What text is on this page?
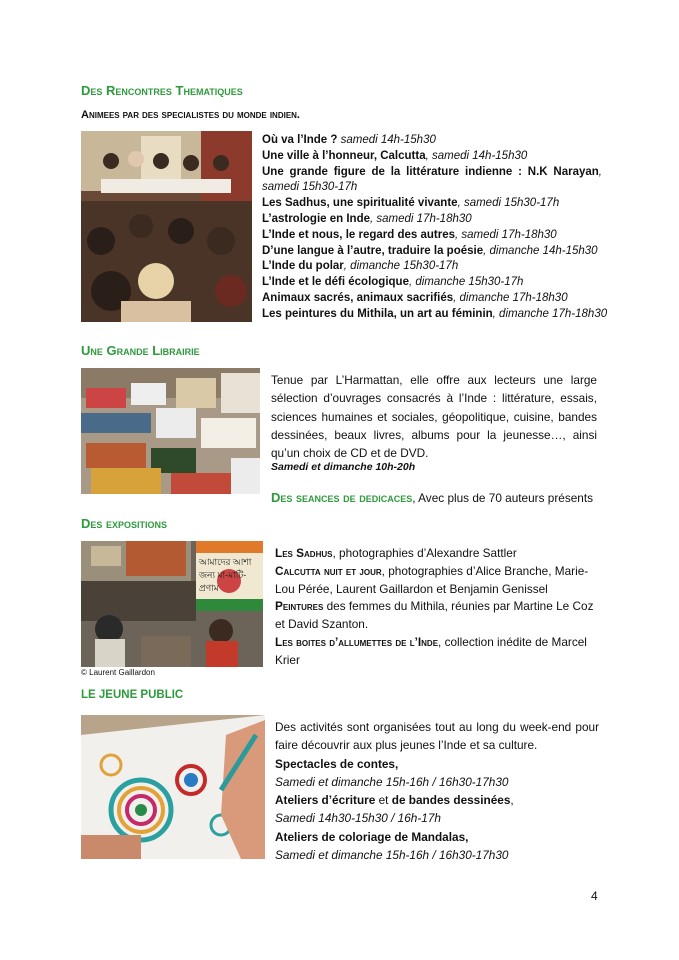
Des Rencontres Thematiques
Animees par des specialistes du monde indien.
Où va l’Inde ? samedi 14h-15h30
Une ville à l’honneur, Calcutta, samedi 14h-15h30
Une grande figure de la littérature indienne : N.K Narayan, samedi 15h30-17h
Les Sadhus, une spiritualité vivante, samedi 15h30-17h
L’astrologie en Inde, samedi 17h-18h30
L’Inde et nous, le regard des autres, samedi 17h-18h30
D’une langue à l’autre, traduire la poésie, dimanche 14h-15h30
L’Inde du polar, dimanche 15h30-17h
L’Inde et le défi écologique, dimanche 15h30-17h
Animaux sacrés, animaux sacrifiés, dimanche 17h-18h30
Les peintures du Mithila, un art au féminin, dimanche 17h-18h30
Une Grande Librairie
Tenue par L’Harmattan, elle offre aux lecteurs une large sélection d’ouvrages consacrés à l’Inde : littérature, essais, sciences humaines et sociales, géopolitique, cuisine, bandes dessinées, beaux livres, albums pour la jeunesse…, ainsi qu’un choix de CD et de DVD.
Samedi et dimanche 10h-20h
Des seances de dedicaces, Avec plus de 70 auteurs présents
Des expositions
আমাদের আশা
জন্য মা-মাটি-
প্রণাম
© Laurent Gaillardon
Les Sadhus, photographies d’Alexandre Sattler
Calcutta nuit et jour, photographies d’Alice Branche, Marie-Lou Pérée, Laurent Gaillardon et Benjamin Genissel
Peintures des femmes du Mithila, réunies par Martine Le Coz et David Szanton.
Les boites d’allumettes de l’Inde, collection inédite de Marcel Krier
LE JEUNE PUBLIC
Des activités sont organisées tout au long du week-end pour faire découvrir aux plus jeunes l’Inde et sa culture.
Spectacles de contes,
Samedi et dimanche 15h-16h / 16h30-17h30
Ateliers d’écriture et de bandes dessinées,
Samedi 14h30-15h30 / 16h-17h
Ateliers de coloriage de Mandalas,
Samedi et dimanche 15h-16h / 16h30-17h30
4
